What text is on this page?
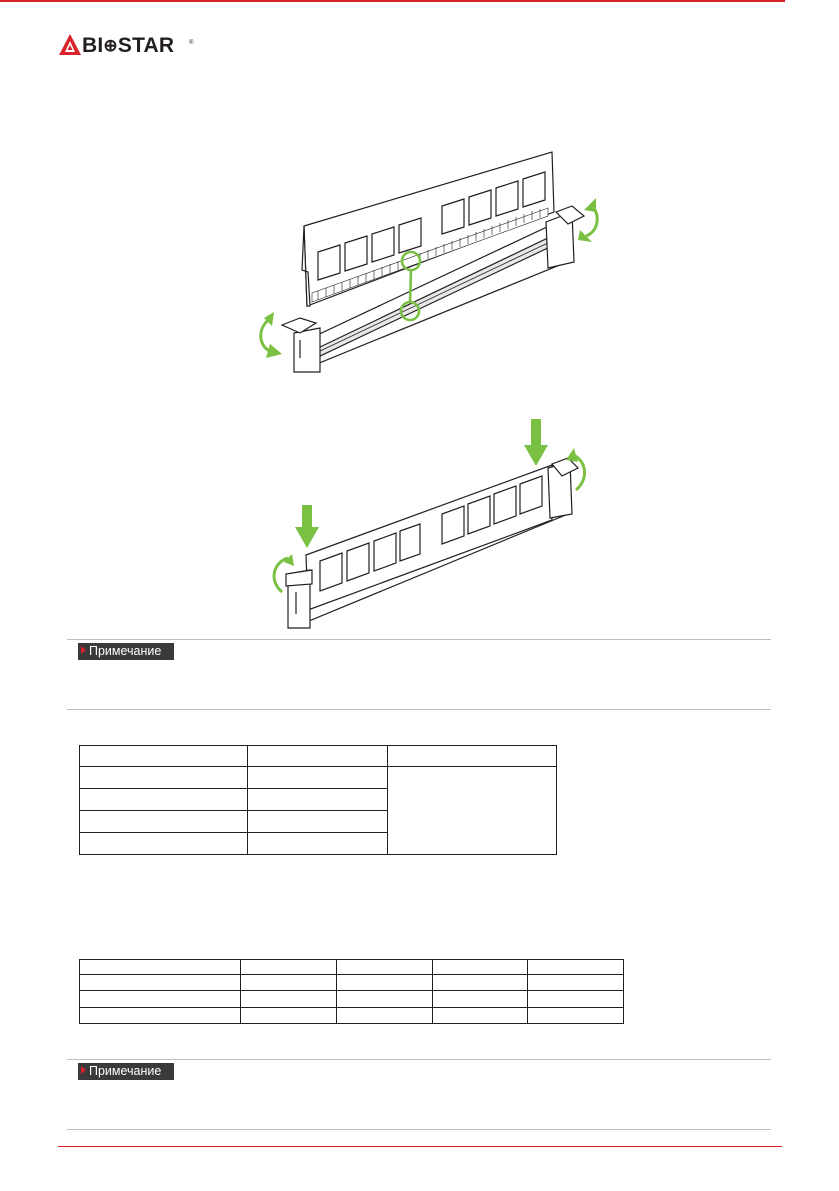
BI⊕STAR ®
Примечание

Примечание
